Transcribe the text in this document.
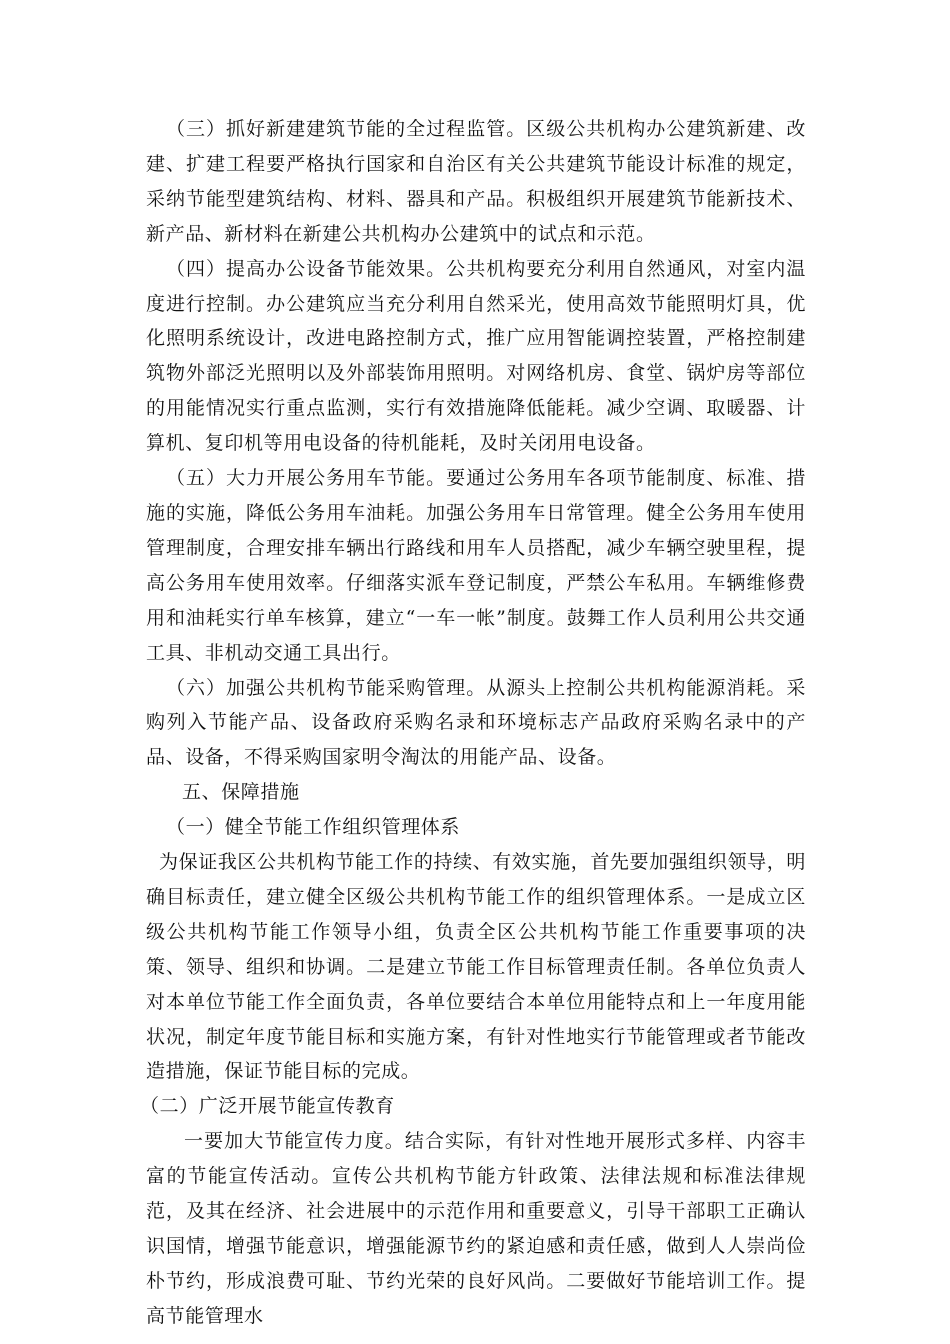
（三）抓好新建建筑节能的全过程监管。区级公共机构办公建筑新建、改建、扩建工程要严格执行国家和自治区有关公共建筑节能设计标准的规定，采纳节能型建筑结构、材料、器具和产品。积极组织开展建筑节能新技术、新产品、新材料在新建公共机构办公建筑中的试点和示范。

（四）提高办公设备节能效果。公共机构要充分利用自然通风，对室内温度进行控制。办公建筑应当充分利用自然采光，使用高效节能照明灯具，优化照明系统设计，改进电路控制方式，推广应用智能调控装置，严格控制建筑物外部泛光照明以及外部装饰用照明。对网络机房、食堂、锅炉房等部位的用能情况实行重点监测，实行有效措施降低能耗。减少空调、取暖器、计算机、复印机等用电设备的待机能耗，及时关闭用电设备。

（五）大力开展公务用车节能。要通过公务用车各项节能制度、标准、措施的实施，降低公务用车油耗。加强公务用车日常管理。健全公务用车使用管理制度，合理安排车辆出行路线和用车人员搭配，减少车辆空驶里程，提高公务用车使用效率。仔细落实派车登记制度，严禁公车私用。车辆维修费用和油耗实行单车核算，建立“一车一帐”制度。鼓舞工作人员利用公共交通工具、非机动交通工具出行。

（六）加强公共机构节能采购管理。从源头上控制公共机构能源消耗。采购列入节能产品、设备政府采购名录和环境标志产品政府采购名录中的产品、设备，不得采购国家明令淘汰的用能产品、设备。

五、保障措施

（一）健全节能工作组织管理体系

为保证我区公共机构节能工作的持续、有效实施，首先要加强组织领导，明确目标责任，建立健全区级公共机构节能工作的组织管理体系。一是成立区级公共机构节能工作领导小组，负责全区公共机构节能工作重要事项的决策、领导、组织和协调。二是建立节能工作目标管理责任制。各单位负责人对本单位节能工作全面负责，各单位要结合本单位用能特点和上一年度用能状况，制定年度节能目标和实施方案，有针对性地实行节能管理或者节能改造措施，保证节能目标的完成。

（二）广泛开展节能宣传教育

一要加大节能宣传力度。结合实际，有针对性地开展形式多样、内容丰富的节能宣传活动。宣传公共机构节能方针政策、法律法规和标准法律规范，及其在经济、社会进展中的示范作用和重要意义，引导干部职工正确认识国情，增强节能意识，增强能源节约的紧迫感和责任感，做到人人崇尚俭朴节约，形成浪费可耻、节约光荣的良好风尚。二要做好节能培训工作。提高节能管理水
